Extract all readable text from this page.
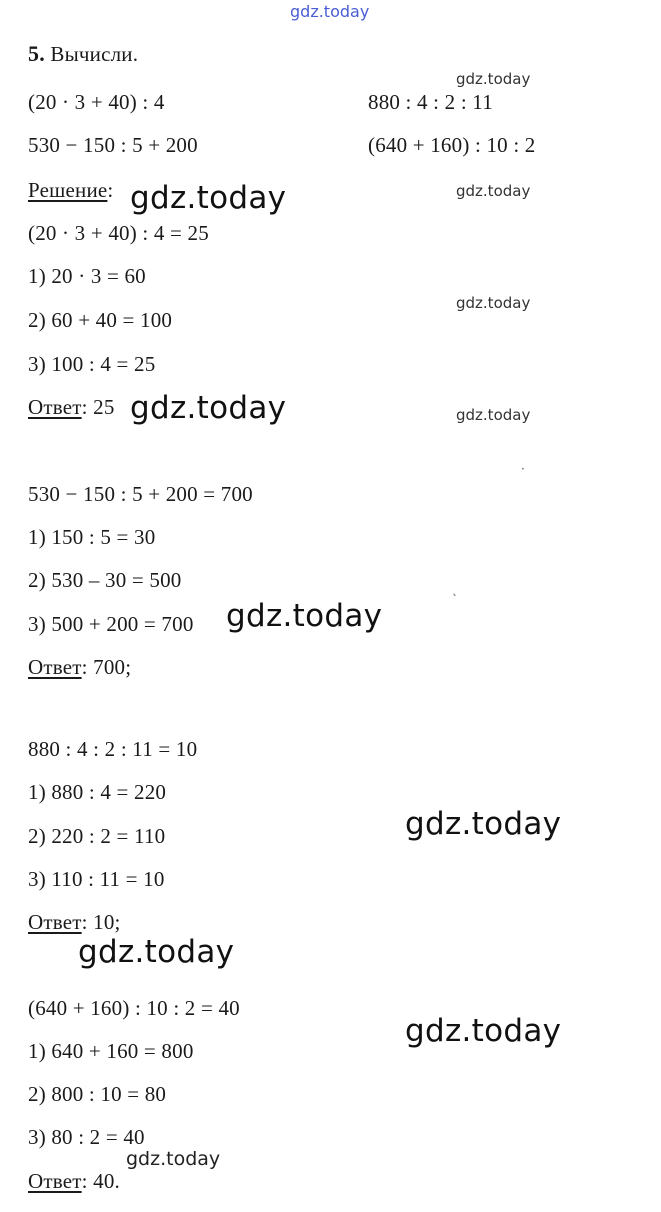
gdz.today
5. Вычисли.
(20 · 3 + 40) : 4	880 : 4 : 2 : 11
530 − 150 : 5 + 200	(640 + 160) : 10 : 2
Решение:
(20 · 3 + 40) : 4 = 25
1) 20 · 3 = 60
2) 60 + 40 = 100
3) 100 : 4 = 25
Ответ: 25
530 − 150 : 5 + 200 = 700
1) 150 : 5 = 30
2) 530 – 30 = 500
3) 500 + 200 = 700
Ответ: 700;
880 : 4 : 2 : 11 = 10
1) 880 : 4 = 220
2) 220 : 2 = 110
3) 110 : 11 = 10
Ответ: 10;
(640 + 160) : 10 : 2 = 40
1) 640 + 160 = 800
2) 800 : 10 = 80
3) 80 : 2 = 40
Ответ: 40.
gdz.today
gdz.today
gdz.today
gdz.today
gdz.today
gdz.today
gdz.today
gdz.today
gdz.today
gdz.today
gdz.today
·
ˎ
